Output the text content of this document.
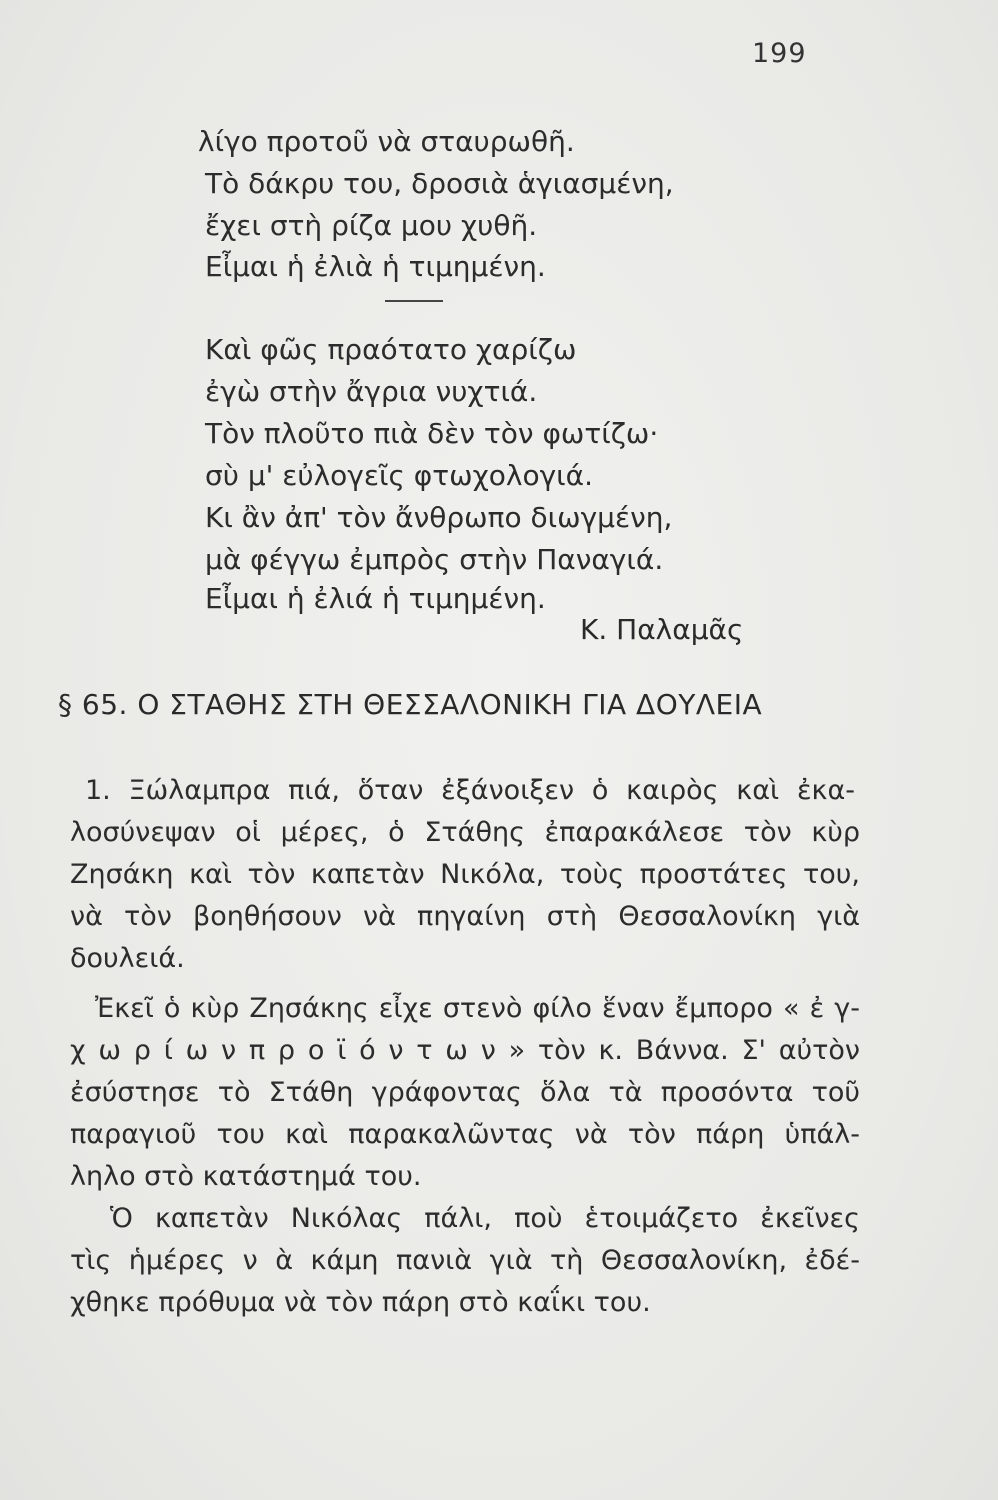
199
λίγο προτοῦ νὰ σταυρωθῆ.
Τὸ δάκρυ του, δροσιὰ ἁγιασμένη,
ἔχει στὴ ρίζα μου χυθῆ.
Εἶμαι ἡ ἐλιὰ ἡ τιμημένη.
Καὶ φῶς πραότατο χαρίζω
ἐγὼ στὴν ἄγρια νυχτιά.
Τὸν πλοῦτο πιὰ δὲν τὸν φωτίζω·
σὺ μ' εὐλογεῖς φτωχολογιά.
Κι ἂν ἀπ' τὸν ἄνθρωπο διωγμένη,
μὰ φέγγω ἐμπρὸς στὴν Παναγιά.
Εἶμαι ἡ ἐλιά ἡ τιμημένη.
Κ. Παλαμᾶς
§ 65. Ο ΣΤΑΘΗΣ ΣΤΗ ΘΕΣΣΑΛΟΝΙΚΗ ΓΙΑ ΔΟΥΛΕΙΑ
1. Ξώλαμπρα πιά, ὅταν ἐξάνοιξεν ὁ καιρὸς καὶ ἐκα-
λοσύνεψαν οἱ μέρες, ὁ Στάθης ἐπαρακάλεσε τὸν κὺρ
Ζησάκη καὶ τὸν καπετὰν Νικόλα, τοὺς προστάτες του,
νὰ τὸν βοηθήσουν νὰ πηγαίνη στὴ Θεσσαλονίκη γιὰ
δουλειά.
Ἐκεῖ ὁ κὺρ Ζησάκης εἶχε στενὸ φίλο ἕναν ἔμπορο « ἐ γ-
χ ω ρ ί ω ν π ρ ο ϊ ό ν τ ω ν » τὸν κ. Βάννα. Σ' αὐτὸν
ἐσύστησε τὸ Στάθη γράφοντας ὅλα τὰ προσόντα τοῦ
παραγιοῦ του καὶ παρακαλῶντας νὰ τὸν πάρη ὑπάλ-
ληλο στὸ κατάστημά του.
Ὁ καπετὰν Νικόλας πάλι, ποὺ ἑτοιμάζετο ἐκεῖνες
τὶς ἡμέρες ν ὰ κάμη πανιὰ γιὰ τὴ Θεσσαλονίκη, ἐδέ-
χθηκε πρόθυμα νὰ τὸν πάρη στὸ καΐκι του.
